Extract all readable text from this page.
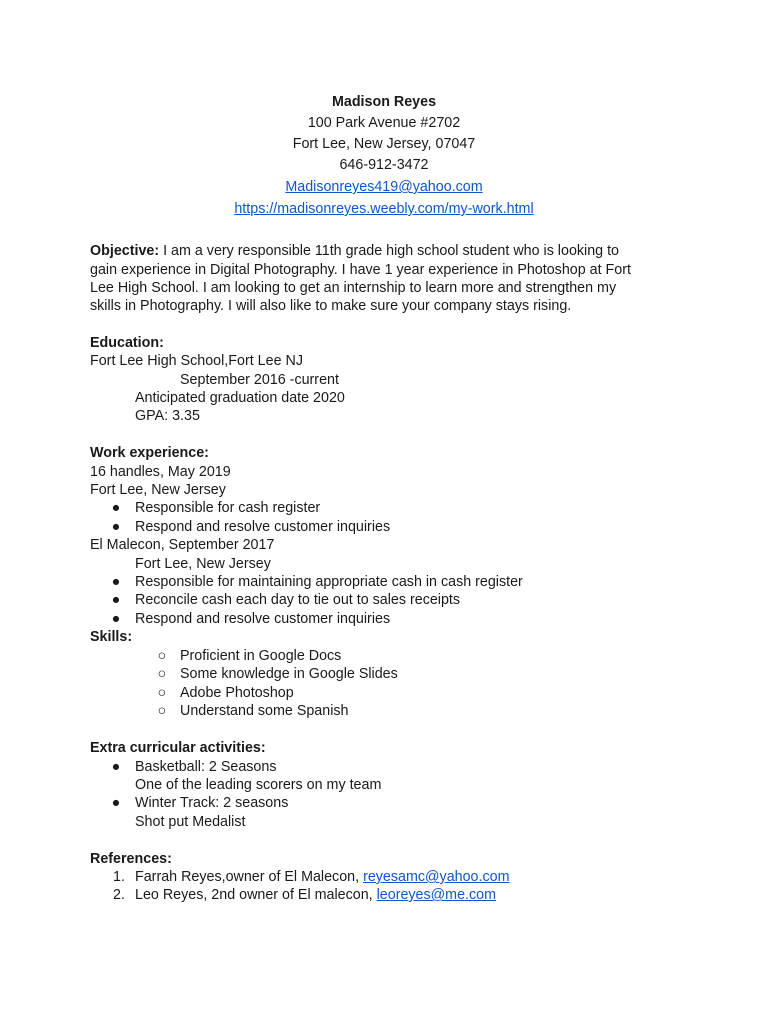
Madison Reyes
100 Park Avenue #2702
Fort Lee, New Jersey, 07047
646-912-3472
Madisonreyes419@yahoo.com
https://madisonreyes.weebly.com/my-work.html
Objective: I am a very responsible 11th grade high school student who is looking to
gain experience in Digital Photography. I have 1 year experience in Photoshop at Fort
Lee High School. I am looking to get an internship to learn more and strengthen my
skills in Photography. I will also like to make sure your company stays rising.
Education:
Fort Lee High School,Fort Lee NJ
September 2016 -current
Anticipated graduation date 2020
GPA: 3.35
Work experience:
16 handles, May 2019
Fort Lee, New Jersey
● Responsible for cash register
● Respond and resolve customer inquiries
El Malecon, September 2017
Fort Lee, New Jersey
● Responsible for maintaining appropriate cash in cash register
● Reconcile cash each day to tie out to sales receipts
● Respond and resolve customer inquiries
Skills:
○ Proficient in Google Docs
○ Some knowledge in Google Slides
○ Adobe Photoshop
○ Understand some Spanish
Extra curricular activities:
● Basketball: 2 Seasons
One of the leading scorers on my team
● Winter Track: 2 seasons
Shot put Medalist
References:
1. Farrah Reyes,owner of El Malecon, reyesamc@yahoo.com
2. Leo Reyes, 2nd owner of El malecon, leoreyes@me.com
